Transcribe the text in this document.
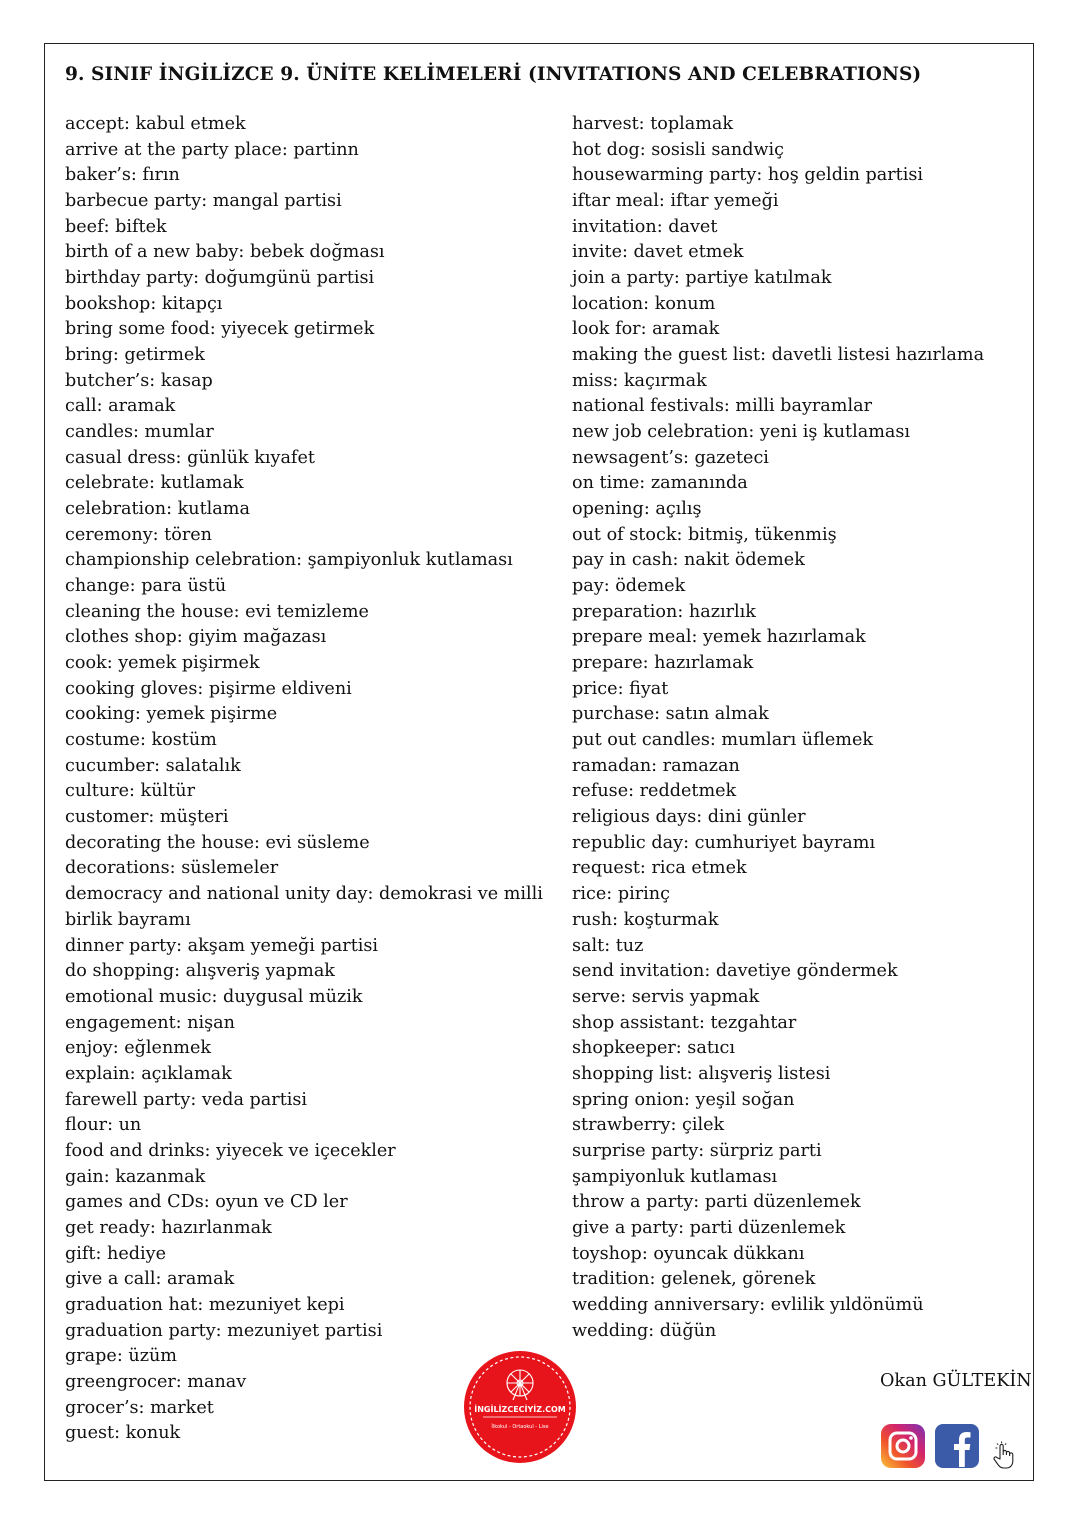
9. SINIF İNGİLİZCE 9. ÜNİTE KELİMELERİ (INVITATIONS AND CELEBRATIONS)
accept: kabul etmek
arrive at the party place: partinn
baker’s: fırın
barbecue party: mangal partisi
beef: biftek
birth of a new baby: bebek doğması
birthday party: doğumgünü partisi
bookshop: kitapçı
bring some food: yiyecek getirmek
bring: getirmek
butcher’s: kasap
call: aramak
candles: mumlar
casual dress: günlük kıyafet
celebrate: kutlamak
celebration: kutlama
ceremony: tören
championship celebration: şampiyonluk kutlaması
change: para üstü
cleaning the house: evi temizleme
clothes shop: giyim mağazası
cook: yemek pişirmek
cooking gloves: pişirme eldiveni
cooking: yemek pişirme
costume: kostüm
cucumber: salatalık
culture: kültür
customer: müşteri
decorating the house: evi süsleme
decorations: süslemeler
democracy and national unity day: demokrasi ve milli
birlik bayramı
dinner party: akşam yemeği partisi
do shopping: alışveriş yapmak
emotional music: duygusal müzik
engagement: nişan
enjoy: eğlenmek
explain: açıklamak
farewell party: veda partisi
flour: un
food and drinks: yiyecek ve içecekler
gain: kazanmak
games and CDs: oyun ve CD ler
get ready: hazırlanmak
gift: hediye
give a call: aramak
graduation hat: mezuniyet kepi
graduation party: mezuniyet partisi
grape: üzüm
greengrocer: manav
grocer’s: market
guest: konuk
harvest: toplamak
hot dog: sosisli sandwiç
housewarming party: hoş geldin partisi
iftar meal: iftar yemeği
invitation: davet
invite: davet etmek
join a party: partiye katılmak
location: konum
look for: aramak
making the guest list: davetli listesi hazırlama
miss: kaçırmak
national festivals: milli bayramlar
new job celebration: yeni iş kutlaması
newsagent’s: gazeteci
on time: zamanında
opening: açılış
out of stock: bitmiş, tükenmiş
pay in cash: nakit ödemek
pay: ödemek
preparation: hazırlık
prepare meal: yemek hazırlamak
prepare: hazırlamak
price: fiyat
purchase: satın almak
put out candles: mumları üflemek
ramadan: ramazan
refuse: reddetmek
religious days: dini günler
republic day: cumhuriyet bayramı
request: rica etmek
rice: pirinç
rush: koşturmak
salt: tuz
send invitation: davetiye göndermek
serve: servis yapmak
shop assistant: tezgahtar
shopkeeper: satıcı
shopping list: alışveriş listesi
spring onion: yeşil soğan
strawberry: çilek
surprise party: sürpriz parti
şampiyonluk kutlaması
throw a party: parti düzenlemek
give a party: parti düzenlemek
toyshop: oyuncak dükkanı
tradition: gelenek, görenek
wedding anniversary: evlilik yıldönümü
wedding: düğün
Okan GÜLTEKİN
İNGİLİZCECİYİZ.COM
İlkokul - Ortaokul - Lise
